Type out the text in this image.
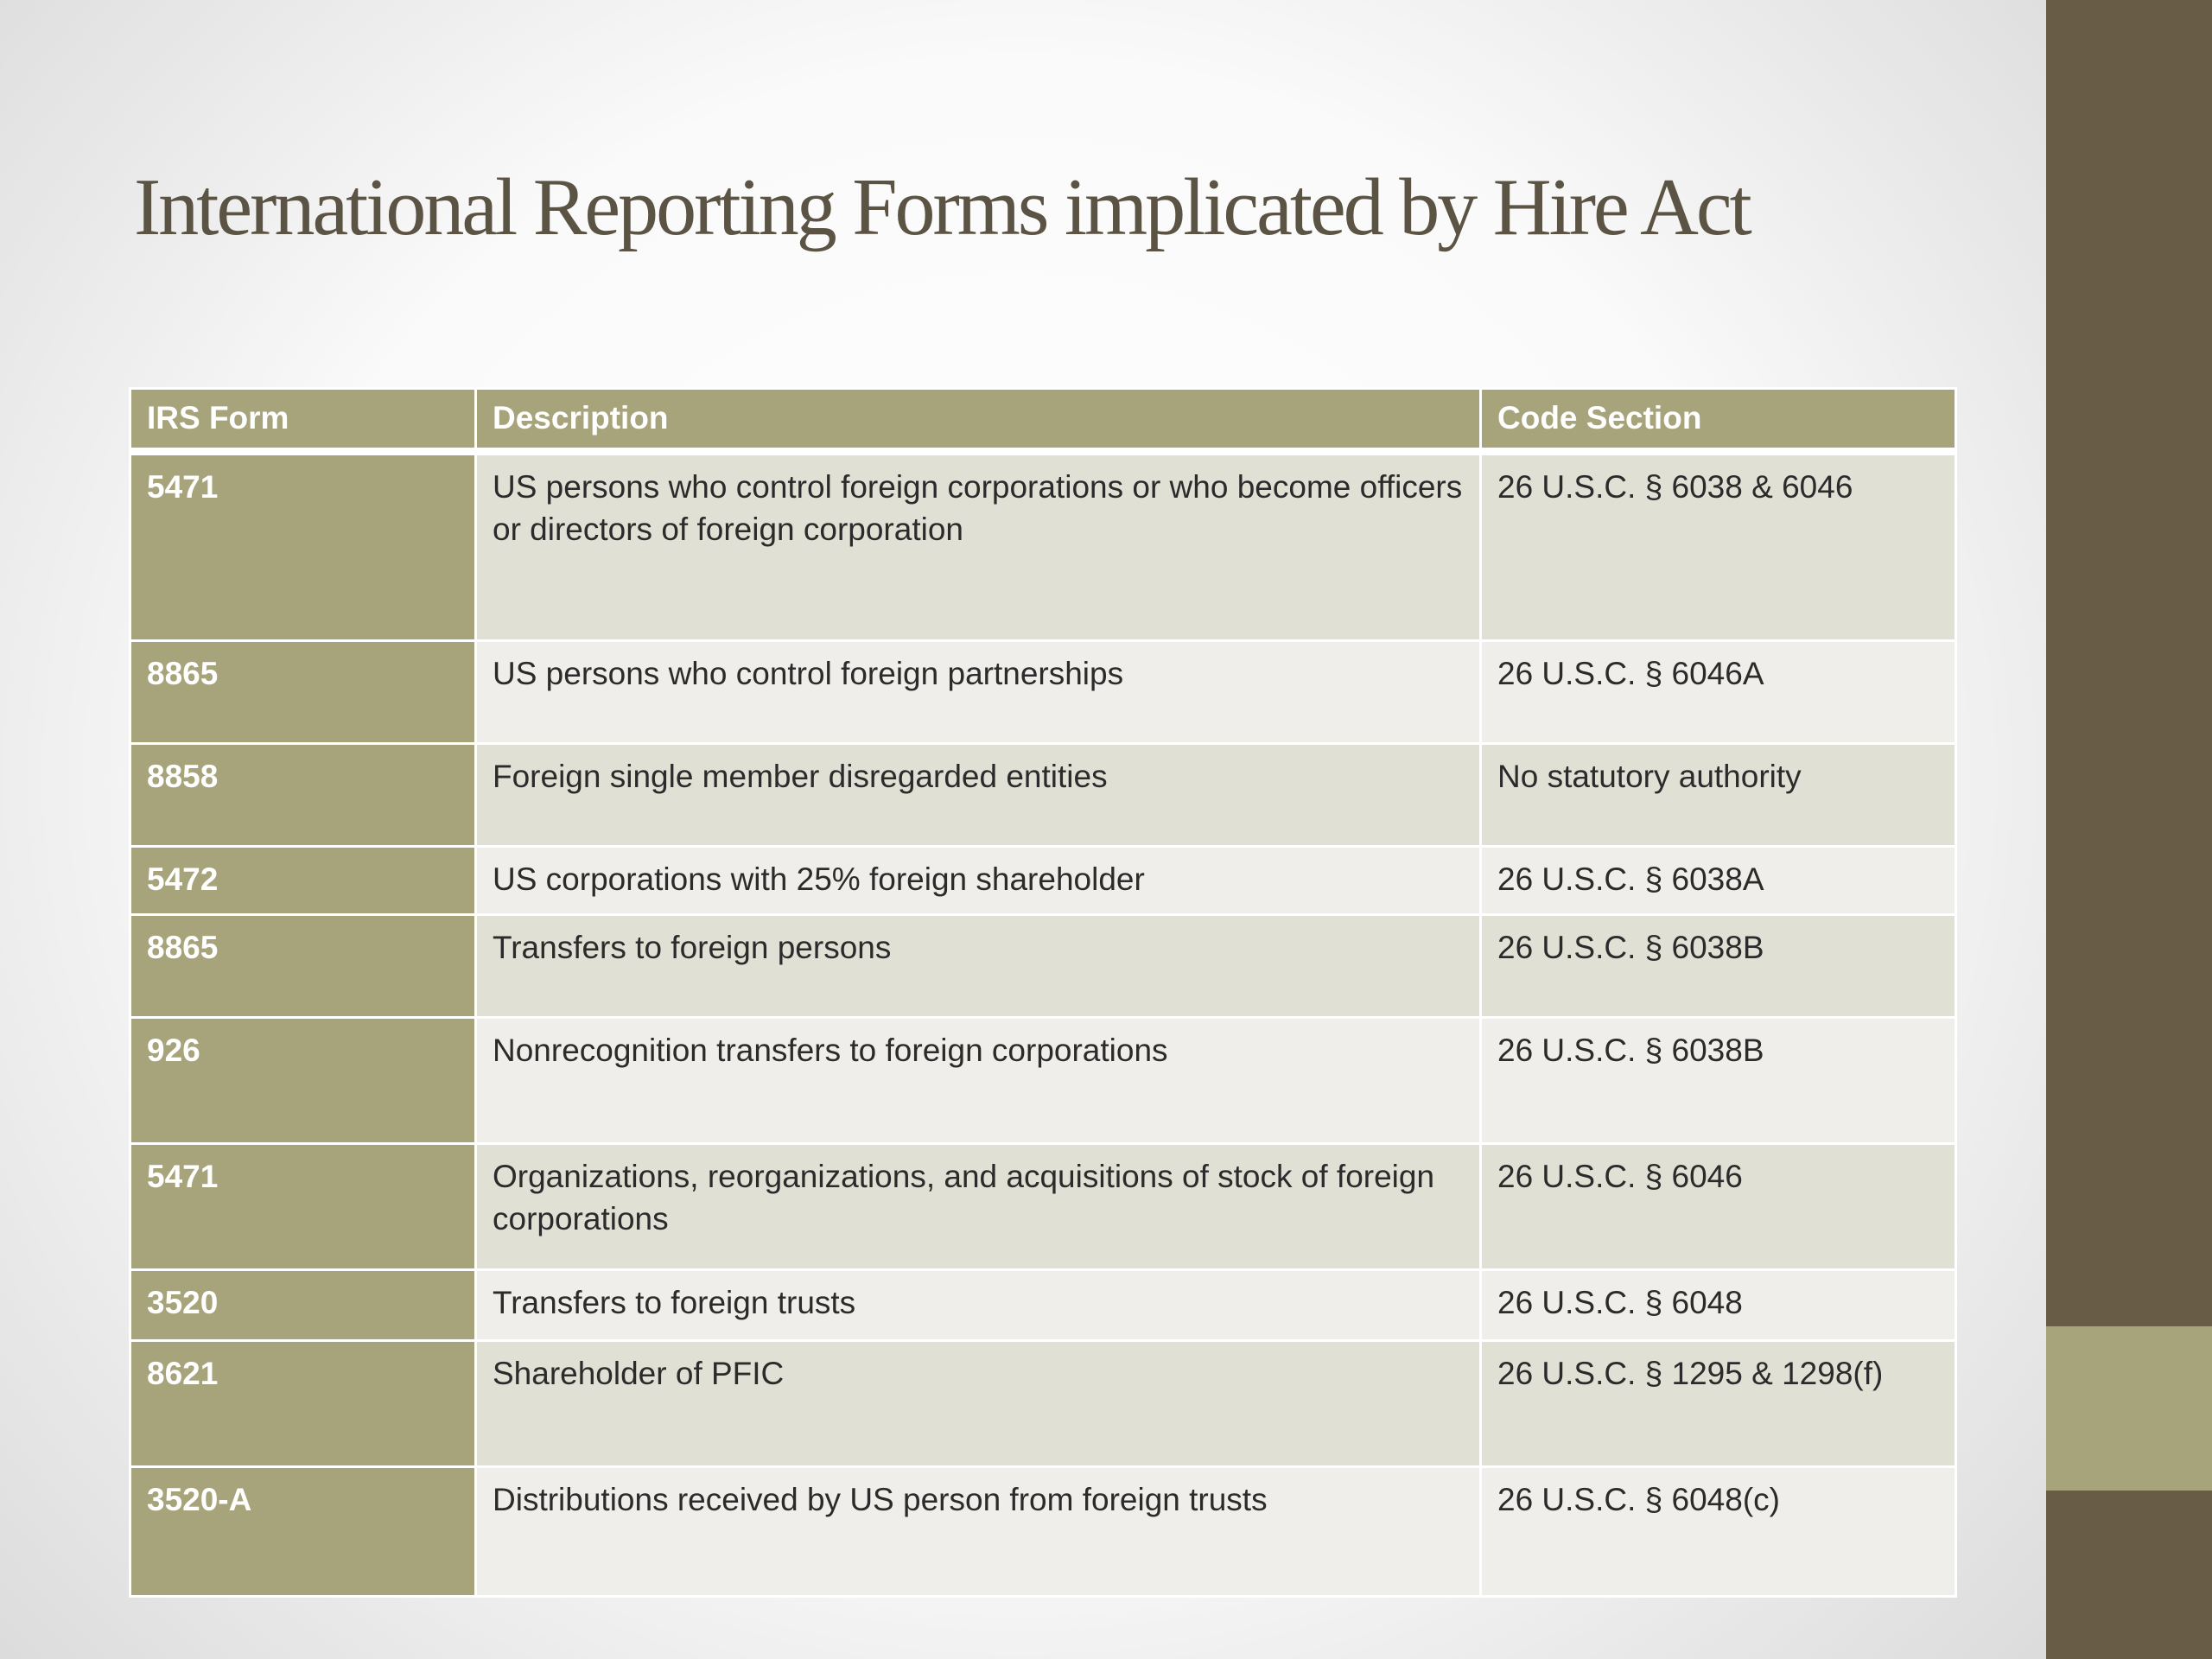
International Reporting Forms implicated by Hire Act
IRS Form	Description	Code Section
5471	US persons who control foreign corporations or who become officers or directors of foreign corporation	26 U.S.C. § 6038 & 6046
8865	US persons who control foreign partnerships	26 U.S.C. § 6046A
8858	Foreign single member disregarded entities	No statutory authority
5472	US corporations with 25% foreign shareholder	26 U.S.C. § 6038A
8865	Transfers to foreign persons	26 U.S.C. § 6038B
926	Nonrecognition transfers to foreign corporations	26 U.S.C. § 6038B
5471	Organizations, reorganizations, and acquisitions of stock of foreign corporations	26 U.S.C. § 6046
3520	Transfers to foreign trusts	26 U.S.C. § 6048
8621	Shareholder of PFIC	26 U.S.C. § 1295 & 1298(f)
3520-A	Distributions received by US person from foreign trusts	26 U.S.C. § 6048(c)
